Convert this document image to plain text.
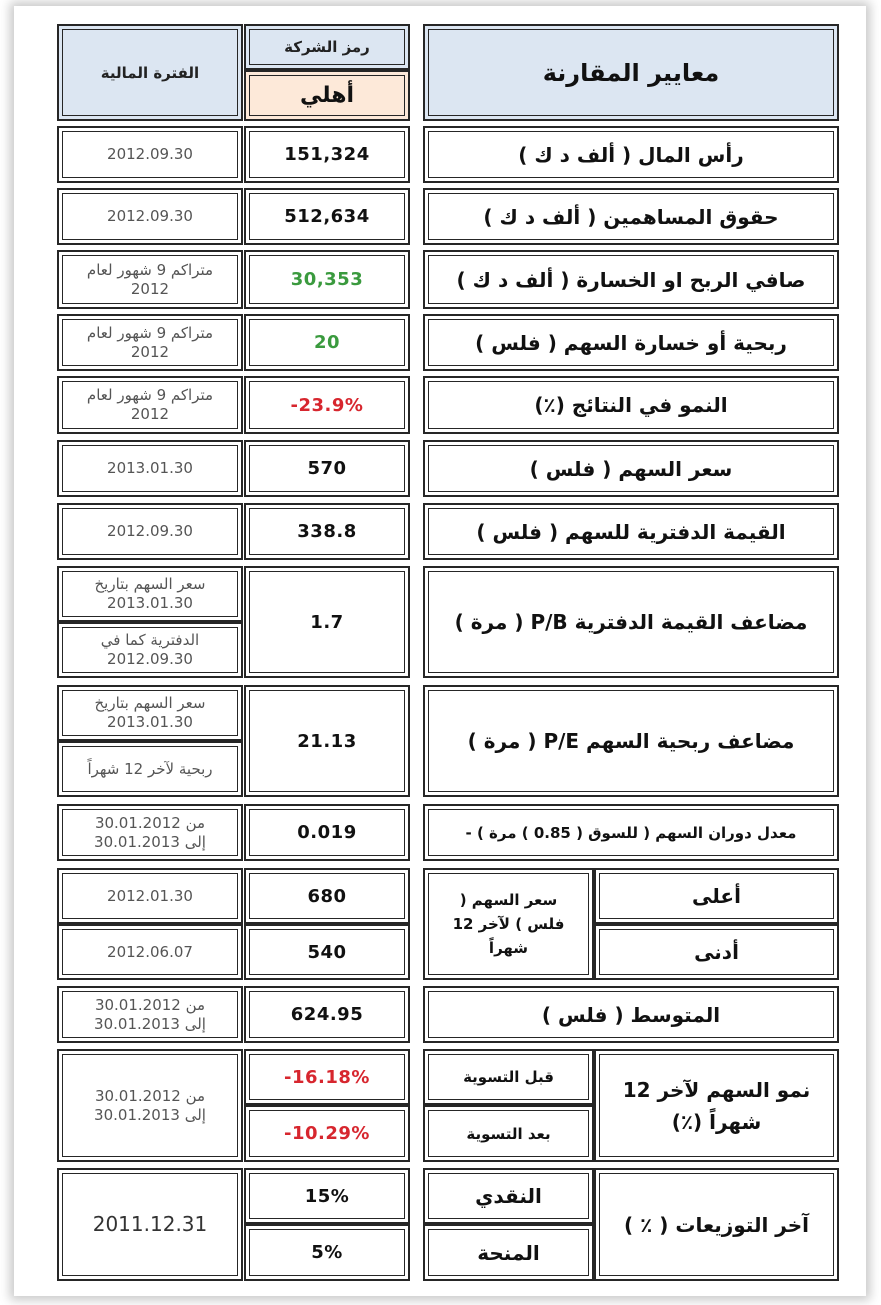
معايير المقارنة
رمز الشركة
أهلي
الفترة المالية
رأس المال ( ألف د ك )
151,324
2012.09.30
حقوق المساهمين ( ألف د ك )
512,634
2012.09.30
صافي الربح او الخسارة ( ألف د ك )
30,353
متراكم 9 شهور لعام
2012
ربحية أو خسارة السهم ( فلس )
20
متراكم 9 شهور لعام
2012
النمو في النتائج (٪)
-23.9%
متراكم 9 شهور لعام
2012
سعر السهم ( فلس )
570
2013.01.30
القيمة الدفترية للسهم ( فلس )
338.8
2012.09.30
مضاعف القيمة الدفترية P/B ( مرة )
1.7
سعر السهم بتاريخ
2013.01.30
الدفترية كما في
2012.09.30
مضاعف ربحية السهم P/E ( مرة )
21.13
سعر السهم بتاريخ
2013.01.30
ربحية لآخر 12 شهراً
معدل دوران السهم ( للسوق ( 0.85 ) مرة ) -
0.019
من 30.01.2012
إلى 30.01.2013
أعلى
أدنى
سعر السهم ( فلس ) لآخر 12 شهراً
680
540
2012.01.30
2012.06.07
المتوسط ( فلس )
624.95
من 30.01.2012
إلى 30.01.2013
نمو السهم لآخر 12 شهراً (٪)
قبل التسوية
بعد التسوية
-16.18%
-10.29%
من 30.01.2012
إلى 30.01.2013
آخر التوزيعات ( ٪ )
النقدي
المنحة
15%
5%
2011.12.31
